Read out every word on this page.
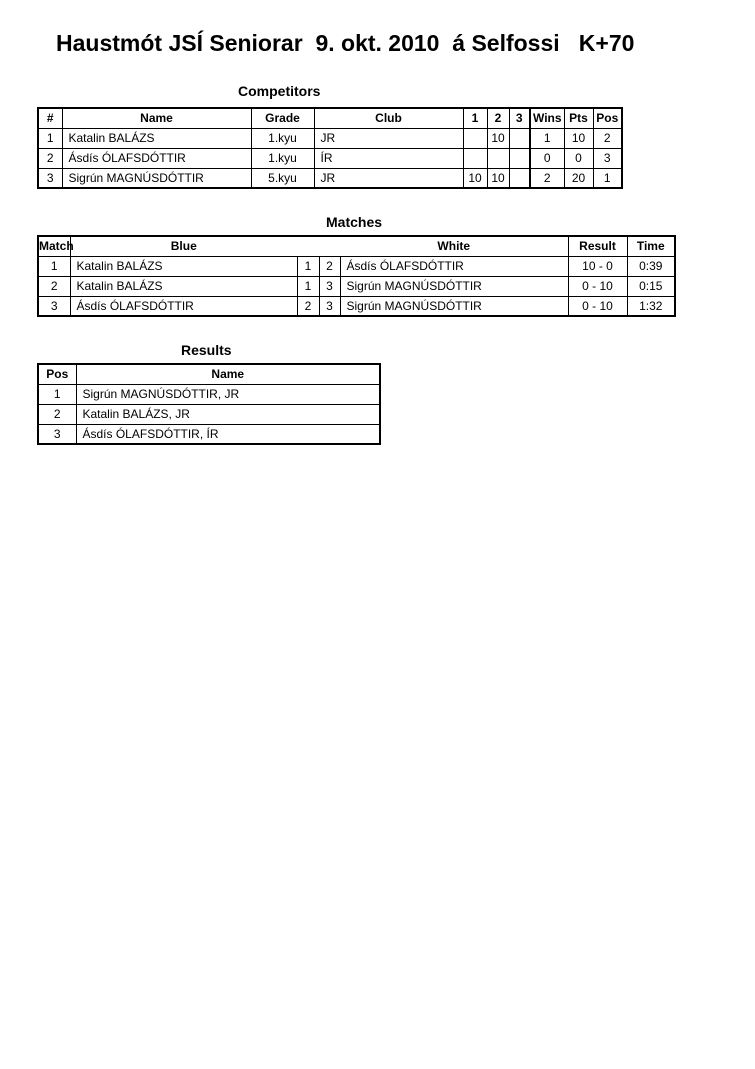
Haustmót JSÍ Seniorar  9. okt. 2010  á Selfossi   K+70
Competitors
#	Name	Grade	Club	1	2	3	Wins	Pts	Pos
1	Katalin BALÁZS	1.kyu	JR		10		1	10	2
2	Ásdís ÓLAFSDÓTTIR	1.kyu	ÍR				0	0	3
3	Sigrún MAGNÚSDÓTTIR	5.kyu	JR	10	10		2	20	1
Matches
Match	Blue			White	Result	Time
1	Katalin BALÁZS	1	2	Ásdís ÓLAFSDÓTTIR	10 - 0	0:39
2	Katalin BALÁZS	1	3	Sigrún MAGNÚSDÓTTIR	0 - 10	0:15
3	Ásdís ÓLAFSDÓTTIR	2	3	Sigrún MAGNÚSDÓTTIR	0 - 10	1:32
Results
Pos	Name
1	Sigrún MAGNÚSDÓTTIR, JR
2	Katalin BALÁZS, JR
3	Ásdís ÓLAFSDÓTTIR, ÍR
